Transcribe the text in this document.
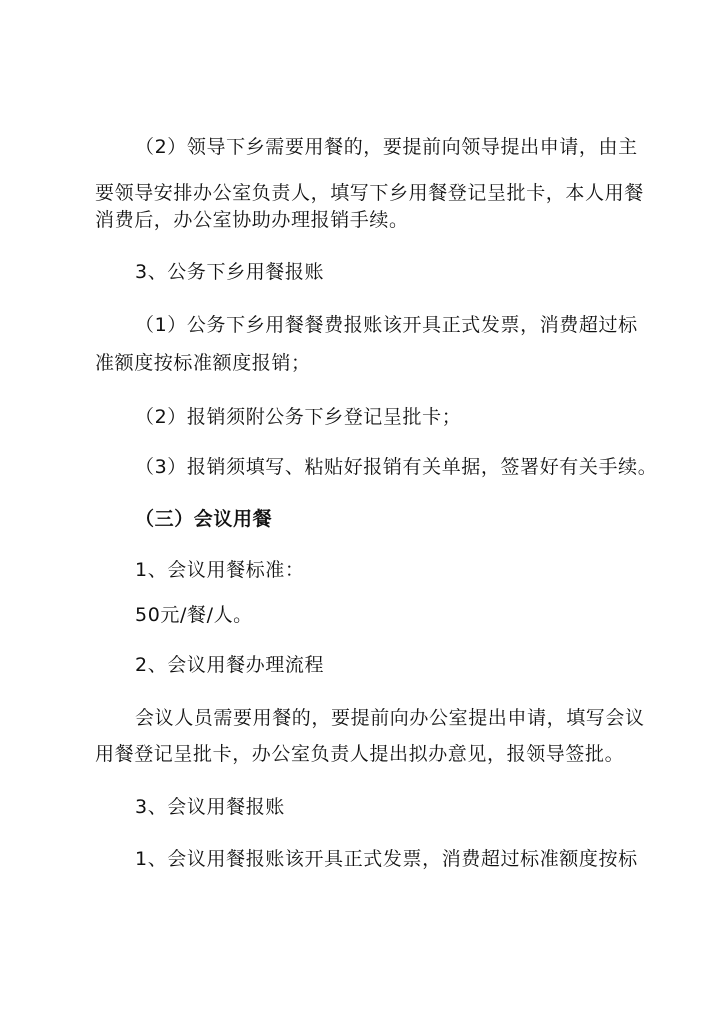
（2）领导下乡需要用餐的，要提前向领导提出申请，由主
要领导安排办公室负责人，填写下乡用餐登记呈批卡，本人用餐
消费后，办公室协助办理报销手续。
3、公务下乡用餐报账
（1）公务下乡用餐餐费报账该开具正式发票，消费超过标
准额度按标准额度报销；
（2）报销须附公务下乡登记呈批卡；
（3）报销须填写、粘贴好报销有关单据，签署好有关手续。
（三）会议用餐
1、会议用餐标准：
50元/餐/人。
2、会议用餐办理流程
会议人员需要用餐的，要提前向办公室提出申请，填写会议
用餐登记呈批卡，办公室负责人提出拟办意见，报领导签批。
3、会议用餐报账
1、会议用餐报账该开具正式发票，消费超过标准额度按标
